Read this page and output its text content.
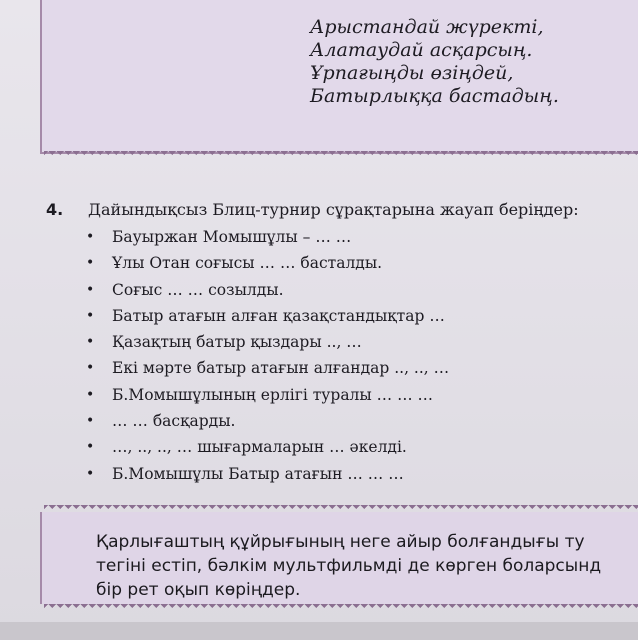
Арыстандай жүректі,
Алатаудай асқарсың.
Ұрпағыңды өзіңдей,
Батырлыққа бастадың.
4. Дайындықсыз Блиц-турнир сұрақтарына жауап беріңдер:
• Бауыржан Момышұлы – … …
• Ұлы Отан соғысы … … басталды.
• Соғыс … … созылды.
• Батыр атағын алған қазақстандықтар …
• Қазақтың батыр қыздары .., …
• Екі мәрте батыр атағын алғандар .., .., …
• Б.Момышұлының ерлігі туралы … … …
• … … басқарды.
• …, .., .., … шығармаларын … әкелді.
• Б.Момышұлы Батыр атағын … … …
Қарлығаштың құйрығының неге айыр болғандығы ту
тегіні естіп, бәлкім мультфильмді де көрген боларсынд
бір рет оқып көріңдер.
